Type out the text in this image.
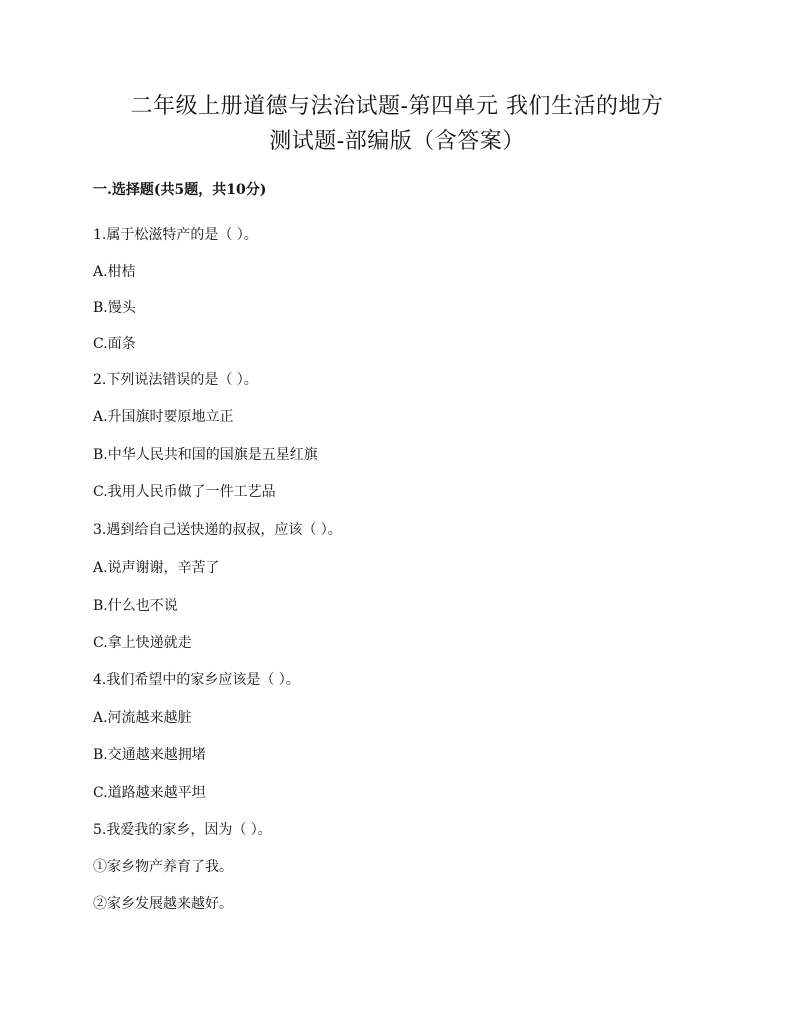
二年级上册道德与法治试题-第四单元 我们生活的地方
测试题-部编版（含答案）
一.选择题(共5题，共10分)
1.属于松滋特产的是（ ）。
A.柑桔
B.馒头
C.面条
2.下列说法错误的是（ ）。
A.升国旗时要原地立正
B.中华人民共和国的国旗是五星红旗
C.我用人民币做了一件工艺品
3.遇到给自己送快递的叔叔，应该（ ）。
A.说声谢谢，辛苦了
B.什么也不说
C.拿上快递就走
4.我们希望中的家乡应该是（ ）。
A.河流越来越脏
B.交通越来越拥堵
C.道路越来越平坦
5.我爱我的家乡，因为（ ）。
①家乡物产养育了我。
②家乡发展越来越好。
